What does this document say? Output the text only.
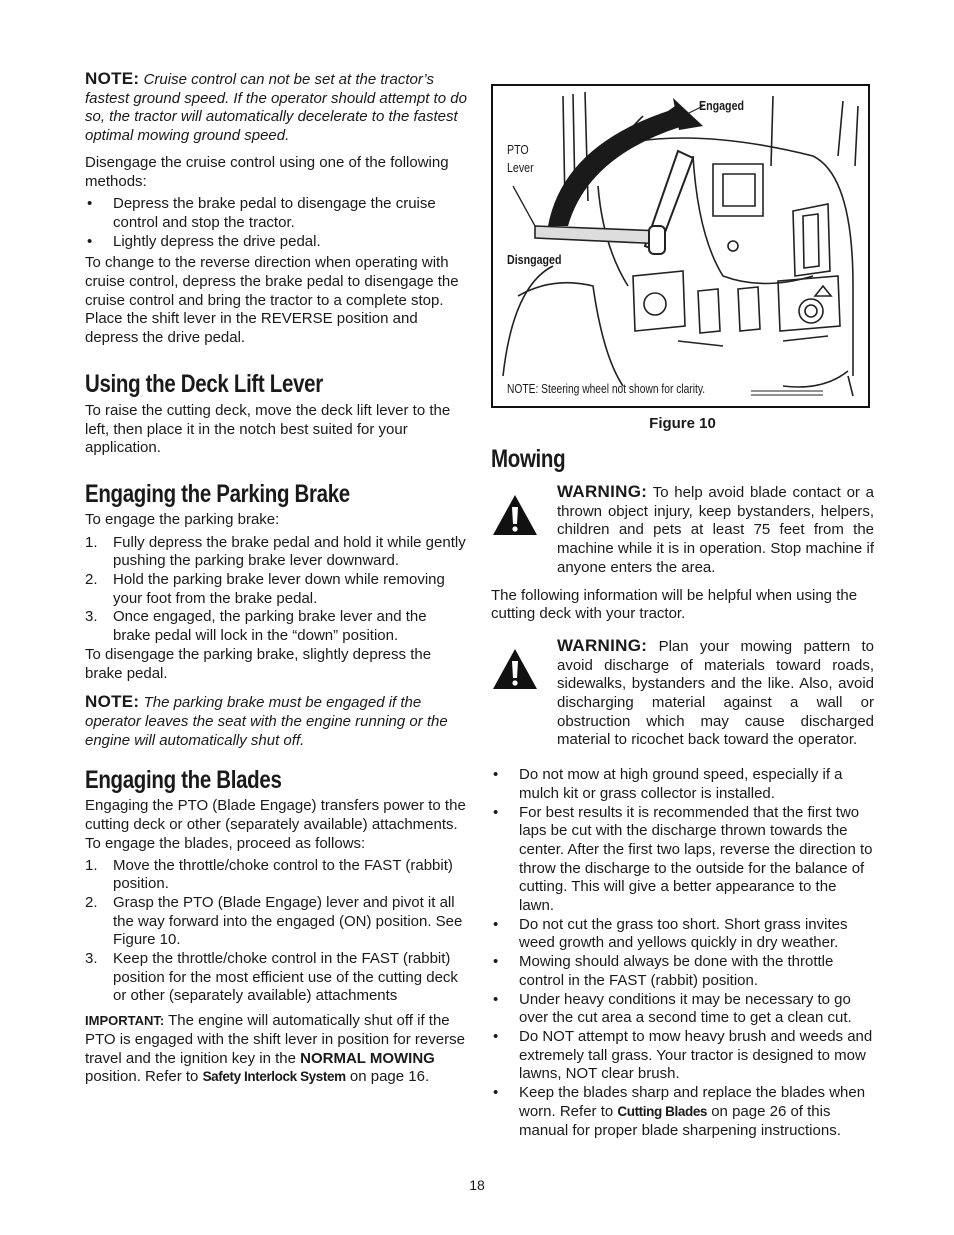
NOTE: Cruise control can not be set at the tractor’s fastest ground speed. If the operator should attempt to do so, the tractor will automatically decelerate to the fastest optimal mowing ground speed.

Disengage the cruise control using one of the following methods:

• Depress the brake pedal to disengage the cruise control and stop the tractor.
• Lightly depress the drive pedal.

To change to the reverse direction when operating with cruise control, depress the brake pedal to disengage the cruise control and bring the tractor to a complete stop. Place the shift lever in the REVERSE position and depress the drive pedal.

Using the Deck Lift Lever

To raise the cutting deck, move the deck lift lever to the left, then place it in the notch best suited for your application.

Engaging the Parking Brake

To engage the parking brake:

1. Fully depress the brake pedal and hold it while gently pushing the parking brake lever downward.
2. Hold the parking brake lever down while removing your foot from the brake pedal.
3. Once engaged, the parking brake lever and the brake pedal will lock in the “down” position.

To disengage the parking brake, slightly depress the brake pedal.

NOTE: The parking brake must be engaged if the operator leaves the seat with the engine running or the engine will automatically shut off.

Engaging the Blades

Engaging the PTO (Blade Engage) transfers power to the cutting deck or other (separately available) attachments. To engage the blades, proceed as follows:

1. Move the throttle/choke control to the FAST (rabbit) position.
2. Grasp the PTO (Blade Engage) lever and pivot it all the way forward into the engaged (ON) position. See Figure 10.
3. Keep the throttle/choke control in the FAST (rabbit) position for the most efficient use of the cutting deck or other (separately available) attachments

IMPORTANT: The engine will automatically shut off if the PTO is engaged with the shift lever in position for reverse travel and the ignition key in the NORMAL MOWING position. Refer to Safety Interlock System on page 16.

Engaged
PTO
Lever
Disngaged
NOTE: Steering wheel not shown for clarity.
Figure 10
Mowing

WARNING: To help avoid blade contact or a thrown object injury, keep bystanders, helpers, children and pets at least 75 feet from the machine while it is in operation. Stop machine if anyone enters the area.

The following information will be helpful when using the cutting deck with your tractor.

WARNING: Plan your mowing pattern to avoid discharge of materials toward roads, sidewalks, bystanders and the like. Also, avoid discharging material against a wall or obstruction which may cause discharged material to ricochet back toward the operator.

• Do not mow at high ground speed, especially if a mulch kit or grass collector is installed.
• For best results it is recommended that the first two laps be cut with the discharge thrown towards the center. After the first two laps, reverse the direction to throw the discharge to the outside for the balance of cutting. This will give a better appearance to the lawn.
• Do not cut the grass too short. Short grass invites weed growth and yellows quickly in dry weather.
• Mowing should always be done with the throttle control in the FAST (rabbit) position.
• Under heavy conditions it may be necessary to go over the cut area a second time to get a clean cut.
• Do NOT attempt to mow heavy brush and weeds and extremely tall grass. Your tractor is designed to mow lawns, NOT clear brush.
• Keep the blades sharp and replace the blades when worn. Refer to Cutting Blades on page 26 of this manual for proper blade sharpening instructions.
18
